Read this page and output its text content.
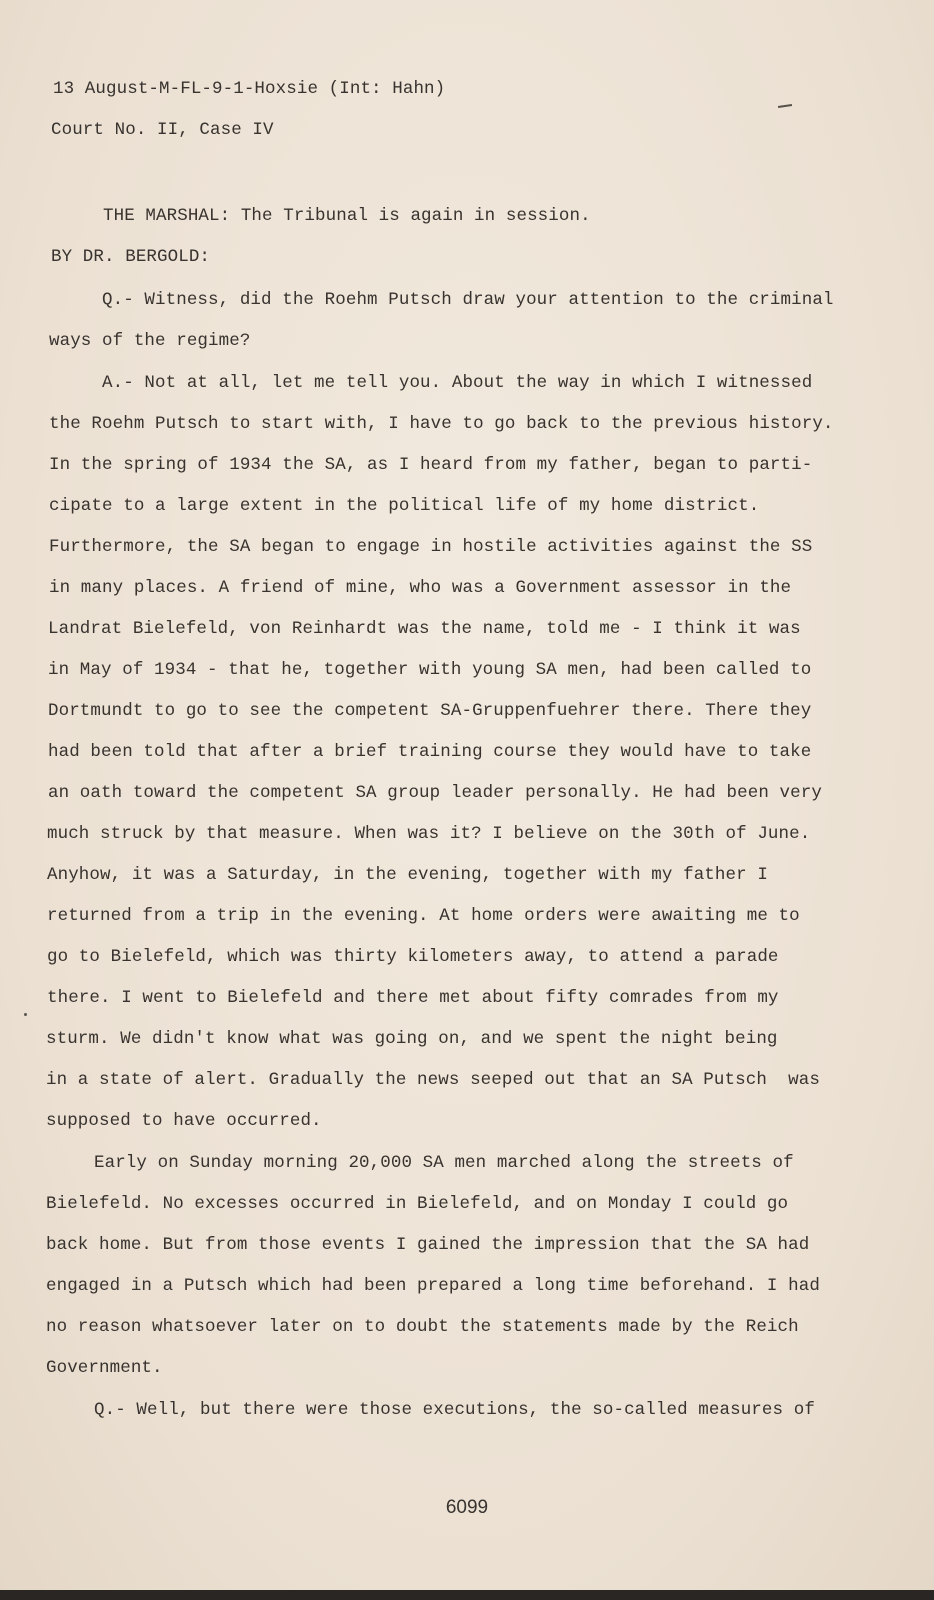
13 August-M-FL-9-1-Hoxsie (Int: Hahn)
Court No. II, Case IV
THE MARSHAL: The Tribunal is again in session.
BY DR. BERGOLD:
Q.- Witness, did the Roehm Putsch draw your attention to the criminal
ways of the regime?
A.- Not at all, let me tell you. About the way in which I witnessed
the Roehm Putsch to start with, I have to go back to the previous history.
In the spring of 1934 the SA, as I heard from my father, began to parti-
cipate to a large extent in the political life of my home district.
Furthermore, the SA began to engage in hostile activities against the SS
in many places. A friend of mine, who was a Government assessor in the
Landrat Bielefeld, von Reinhardt was the name, told me - I think it was
in May of 1934 - that he, together with young SA men, had been called to
Dortmundt to go to see the competent SA-Gruppenfuehrer there. There they
had been told that after a brief training course they would have to take
an oath toward the competent SA group leader personally. He had been very
much struck by that measure. When was it? I believe on the 30th of June.
Anyhow, it was a Saturday, in the evening, together with my father I
returned from a trip in the evening. At home orders were awaiting me to
go to Bielefeld, which was thirty kilometers away, to attend a parade
there. I went to Bielefeld and there met about fifty comrades from my
sturm. We didn't know what was going on, and we spent the night being
in a state of alert. Gradually the news seeped out that an SA Putsch  was
supposed to have occurred.
Early on Sunday morning 20,000 SA men marched along the streets of
Bielefeld. No excesses occurred in Bielefeld, and on Monday I could go
back home. But from those events I gained the impression that the SA had
engaged in a Putsch which had been prepared a long time beforehand. I had
no reason whatsoever later on to doubt the statements made by the Reich
Government.
Q.- Well, but there were those executions, the so-called measures of
6099
